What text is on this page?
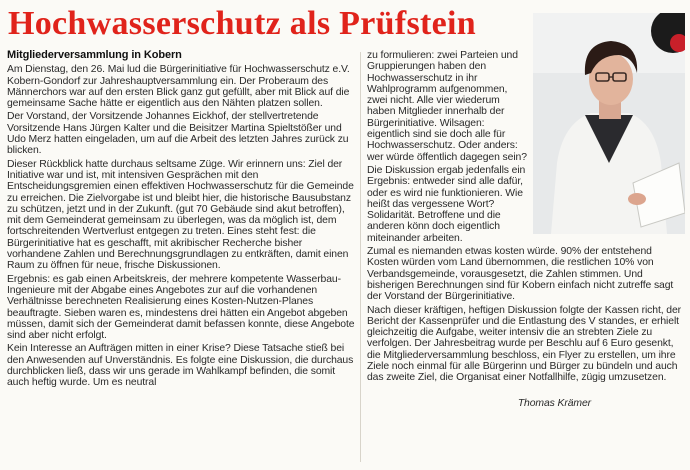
Hochwasserschutz als Prüfstein

Mitgliederversammlung in Kobern

Am Dienstag, den 26. Mai lud die Bürgerinitiative für Hochwasserschutz e.V. Kobern-Gondorf zur Jahreshauptversammlung ein. Der Proberaum des Männerchors war auf den ersten Blick ganz gut gefüllt, aber mit Blick auf die gemeinsame Sache hätte er eigentlich aus den Nähten platzen sollen.

Der Vorstand, der Vorsitzende Johannes Eickhof, der stellvertretende Vorsitzende Hans Jürgen Kalter und die Beisitzer Martina Spieltstößer und Udo Merz hatten eingeladen, um auf die Arbeit des letzten Jahres zurück zu blicken.

Dieser Rückblick hatte durchaus seltsame Züge. Wir erinnern uns: Ziel der Initiative war und ist, mit intensiven Gesprächen mit den Entscheidungsgremien einen effektiven Hochwasserschutz für die Gemeinde zu erreichen. Die Zielvorgabe ist und bleibt hier, die historische Bausubstanz zu schützen, jetzt und in der Zukunft. (gut 70 Gebäude sind akut betroffen), mit dem Gemeinderat gemeinsam zu überlegen, was da möglich ist, dem fortschreitenden Wertverlust entgegen zu treten. Eines steht fest: die Bürgerinitiative hat es geschafft, mit akribischer Recherche bisher vorhandene Zahlen und Berechnungsgrundlagen zu entkräften, damit einen Raum zu öffnen für neue, frische Diskussionen.

Ergebnis: es gab einen Arbeitskreis, der mehrere kompetente Wasserbau-Ingenieure mit der Abgabe eines Angebotes zur auf die vorhandenen Verhältnisse berechneten Realisierung eines Kosten-Nutzen-Planes beauftragte. Sieben waren es, mindestens drei hätten ein Angebot abgeben müssen, damit sich der Gemeinderat damit befassen konnte, diese Angebote sind aber nicht erfolgt.

Kein Interesse an Aufträgen mitten in einer Krise? Diese Tatsache stieß bei den Anwesenden auf Unverständnis. Es folgte eine Diskussion, die durchaus durchblicken ließ, dass wir uns gerade im Wahlkampf befinden, die somit auch heftig wurde. Um es neutral

zu formulieren: zwei Parteien und Gruppierungen haben den Hochwasserschutz in ihr Wahlprogramm aufgenommen, zwei nicht. Alle vier wiederum haben Mitglieder innerhalb der Bürgerinitiative. Wilsagen: eigentlich sind sie doch alle für Hochwasserschutz. Oder anders: wer würde öffentlich dagegen sein?

Die Diskussion ergab jedenfalls ein Ergebnis: entweder sind alle dafür, oder es wird nie funktionieren. Wie heißt das vergessene Wort? Solidarität. Betroffene und die anderen könn doch eigentlich miteinander arbeiten.

Zumal es niemanden etwas kosten würde. 90% der entstehend Kosten würden vom Land übernommen, die restlichen 10% von Verbandsgemeinde, vorausgesetzt, die Zahlen stimmen. Und bisherigen Berechnungen sind für Kobern einfach nicht zutreffe sagt der Vorstand der Bürgerinitiative.

Nach dieser kräftigen, heftigen Diskussion folgte der Kassen richt, der Bericht der Kassenprüfer und die Entlastung des V standes, er erhielt gleichzeitig die Aufgabe, weiter intensiv die an strebten Ziele zu verfolgen. Der Jahresbeitrag wurde per Beschlu auf 6 Euro gesenkt, die Mitgliederversammlung beschloss, ein Flyer zu erstellen, um ihre Ziele noch einmal für alle Bürgerinn und Bürger zu bündeln und auch das zweite Ziel, die Organisat einer Notfallhilfe, zügig umzusetzen.

Thomas Krämer
